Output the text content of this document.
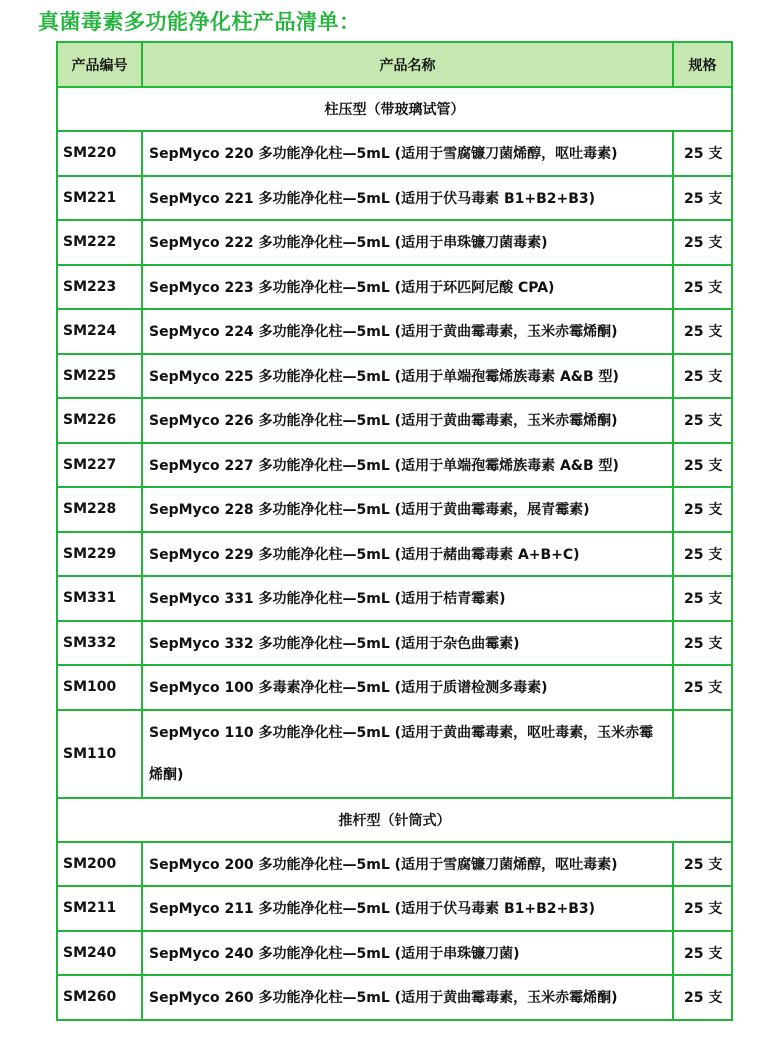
真菌毒素多功能净化柱产品清单：
产品编号	产品名称	规格
柱压型（带玻璃试管）		
SM220	SepMyco 220 多功能净化柱—5mL (适用于雪腐镰刀菌烯醇，呕吐毒素)	25 支
SM221	SepMyco 221 多功能净化柱—5mL (适用于伏马毒素 B1+B2+B3)	25 支
SM222	SepMyco 222 多功能净化柱—5mL (适用于串珠镰刀菌毒素)	25 支
SM223	SepMyco 223 多功能净化柱—5mL (适用于环匹阿尼酸 CPA)	25 支
SM224	SepMyco 224 多功能净化柱—5mL (适用于黄曲霉毒素，玉米赤霉烯酮)	25 支
SM225	SepMyco 225 多功能净化柱—5mL (适用于单端孢霉烯族毒素 A&B 型)	25 支
SM226	SepMyco 226 多功能净化柱—5mL (适用于黄曲霉毒素，玉米赤霉烯酮)	25 支
SM227	SepMyco 227 多功能净化柱—5mL (适用于单端孢霉烯族毒素 A&B 型)	25 支
SM228	SepMyco 228 多功能净化柱—5mL (适用于黄曲霉毒素，展青霉素)	25 支
SM229	SepMyco 229 多功能净化柱—5mL (适用于赭曲霉毒素 A+B+C)	25 支
SM331	SepMyco 331 多功能净化柱—5mL (适用于桔青霉素)	25 支
SM332	SepMyco 332 多功能净化柱—5mL (适用于杂色曲霉素)	25 支
SM100	SepMyco 100 多毒素净化柱—5mL (适用于质谱检测多毒素)	25 支
SM110	SepMyco 110 多功能净化柱—5mL (适用于黄曲霉毒素，呕吐毒素，玉米赤霉烯酮)	
推杆型（针筒式）		
SM200	SepMyco 200 多功能净化柱—5mL (适用于雪腐镰刀菌烯醇，呕吐毒素)	25 支
SM211	SepMyco 211 多功能净化柱—5mL (适用于伏马毒素 B1+B2+B3)	25 支
SM240	SepMyco 240 多功能净化柱—5mL (适用于串珠镰刀菌)	25 支
SM260	SepMyco 260 多功能净化柱—5mL (适用于黄曲霉毒素，玉米赤霉烯酮)	25 支
